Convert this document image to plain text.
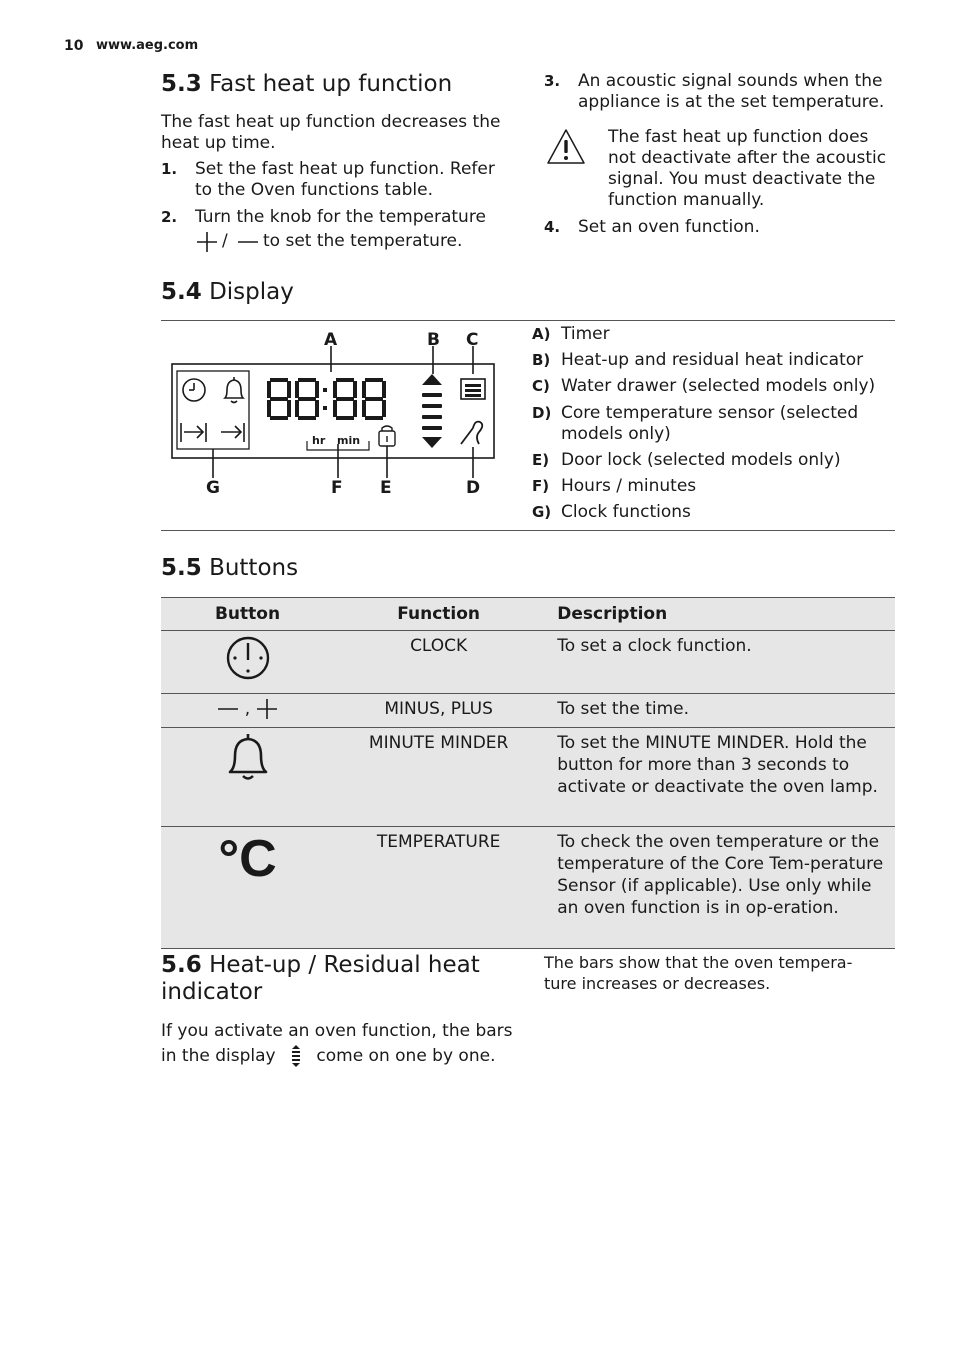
10 www.aeg.com
5.3 Fast heat up function
The fast heat up function decreases the heat up time.
1. Set the fast heat up function. Refer to the Oven functions table.
2. Turn the knob for the temperature
/ to set the temperature.
3. An acoustic signal sounds when the appliance is at the set temperature.
The fast heat up function does not deactivate after the acoustic signal. You must deactivate the function manually.
4. Set an oven function.
5.4 Display
hr min
A	B C
G	F E	D
A) Timer
B) Heat-up and residual heat indicator
C) Water drawer (selected models only)
D) Core temperature sensor (selected models only)
E) Door lock (selected models only)
F) Hours / minutes
G) Clock functions
5.5 Buttons
Button	Function	Description
	CLOCK	To set a clock function.
,	MINUS, PLUS	To set the time.
	MINUTE MINDER	To set the MINUTE MINDER. Hold the button for more than 3 seconds to activate or deactivate the oven lamp.
°C	TEMPERATURE	To check the oven temperature or the temperature of the Core Tem-perature Sensor (if applicable). Use only while an oven function is in op-eration.
5.6 Heat-up / Residual heat indicator
If you activate an oven function, the bars in the display come on one by one.
The bars show that the oven tempera-ture increases or decreases.
